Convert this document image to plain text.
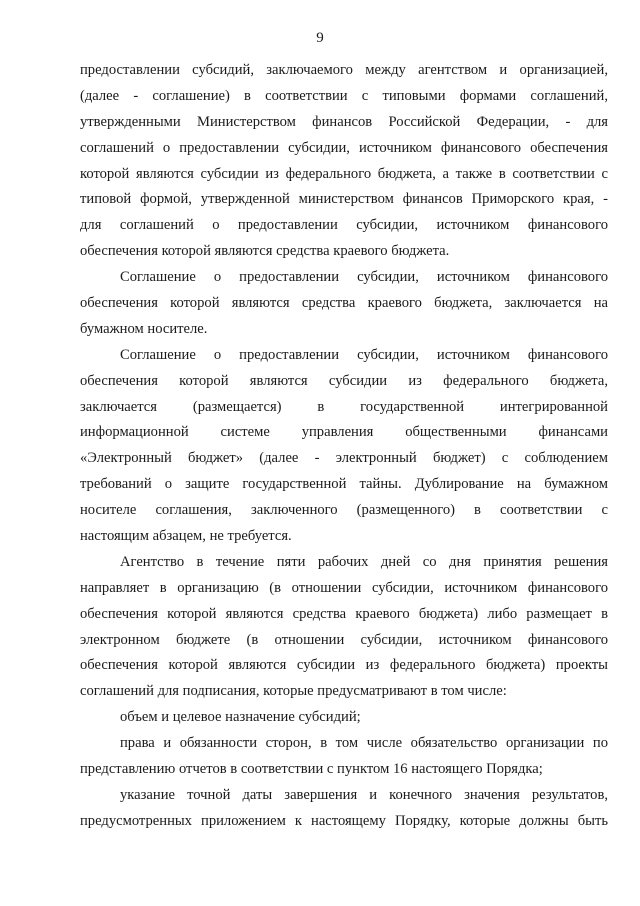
9
предоставлении субсидий, заключаемого между агентством и организацией,
(далее - соглашение) в соответствии с типовыми формами соглашений,
утвержденными Министерством финансов Российской Федерации, - для
соглашений о предоставлении субсидии, источником финансового обеспечения
которой являются субсидии из федерального бюджета, а также в соответствии с
типовой формой, утвержденной министерством финансов Приморского края, -
для соглашений о предоставлении субсидии, источником финансового
обеспечения которой являются средства краевого бюджета.
Соглашение о предоставлении субсидии, источником финансового
обеспечения которой являются средства краевого бюджета, заключается на
бумажном носителе.
Соглашение о предоставлении субсидии, источником финансового
обеспечения которой являются субсидии из федерального бюджета,
заключается (размещается) в государственной интегрированной
информационной системе управления общественными финансами
«Электронный бюджет» (далее - электронный бюджет) с соблюдением
требований о защите государственной тайны. Дублирование на бумажном
носителе соглашения, заключенного (размещенного) в соответствии с
настоящим абзацем, не требуется.
Агентство в течение пяти рабочих дней со дня принятия решения
направляет в организацию (в отношении субсидии, источником финансового
обеспечения которой являются средства краевого бюджета) либо размещает в
электронном бюджете (в отношении субсидии, источником финансового
обеспечения которой являются субсидии из федерального бюджета) проекты
соглашений для подписания, которые предусматривают в том числе:
объем и целевое назначение субсидий;
права и обязанности сторон, в том числе обязательство организации по
представлению отчетов в соответствии с пунктом 16 настоящего Порядка;
указание точной даты завершения и конечного значения результатов,
предусмотренных приложением к настоящему Порядку, которые должны быть
